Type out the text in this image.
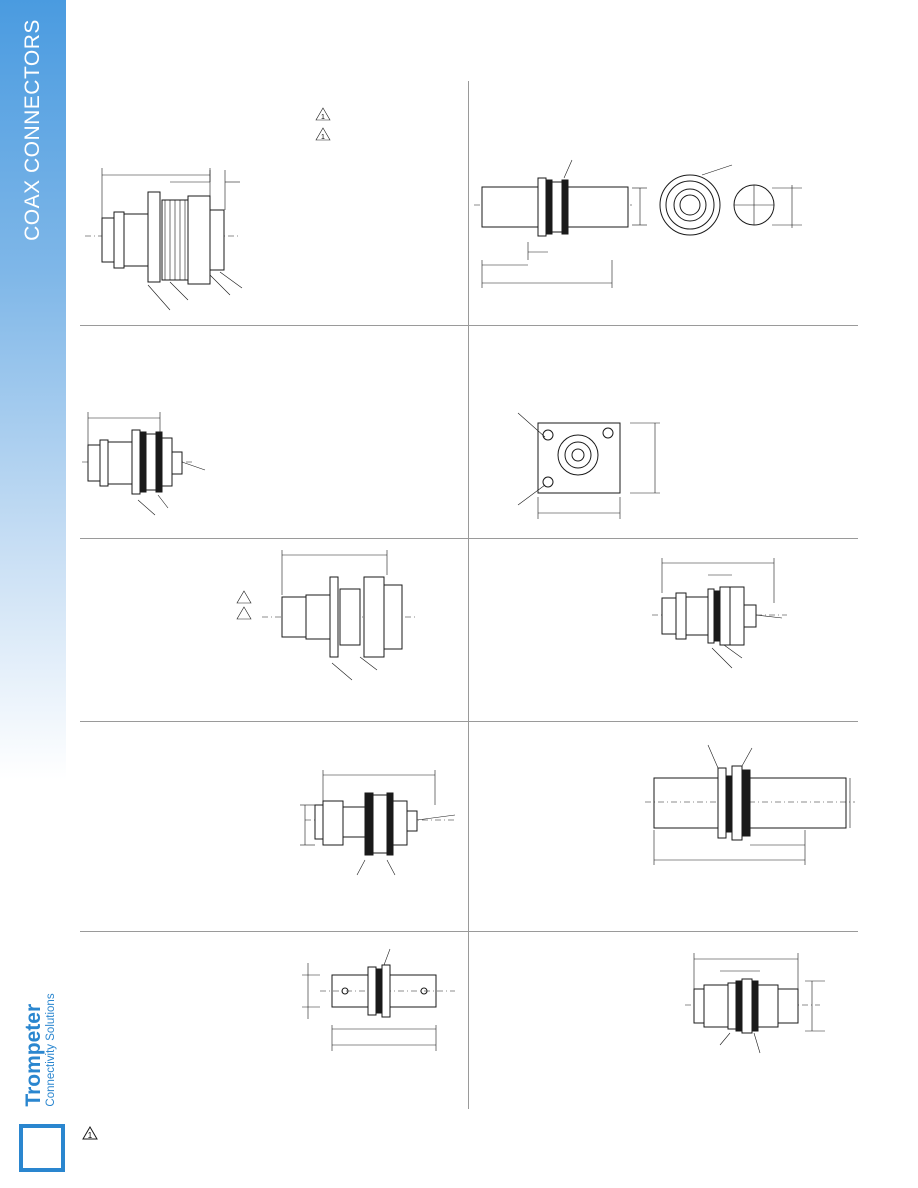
COAX CONNECTORS
Trompeter Connectivity Solutions
1
1
1
